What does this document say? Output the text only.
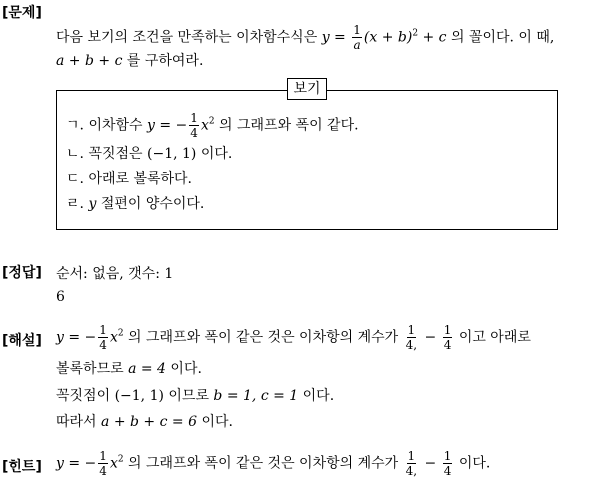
[문제]
다음 보기의 조건을 만족하는 이차함수식은 $y = \frac{1}{a} (x + b)^2 + c$ 의 꼴이다. 이 때,
a + b + c 를 구하여라.
보기
ㄱ. 이차함수 y = − $\frac{1}{4} x^2$ 의 그래프와 폭이 같다.
ㄴ. 꼭짓점은 (−1, 1) 이다.
ㄷ. 아래로 볼록하다.
ㄹ. y 절편이 양수이다.
[정답] 순서: 없음, 갯수: 1
6
[해설] y = − $\frac{1}{4} x^2$ 의 그래프와 폭이 같은 것은 이차항의 계수가 $\frac{1}{4,} - \frac{1}{4}$ 이고 아래로
볼록하므로 a = 4 이다.
꼭짓점이 (−1, 1) 이므로 b = 1, c = 1 이다.
따라서 a + b + c = 6 이다.
[힌트] y = − $\frac{1}{4} x^2$ 의 그래프와 폭이 같은 것은 이차항의 계수가 $\frac{1}{4,} - \frac{1}{4}$ 이다.
